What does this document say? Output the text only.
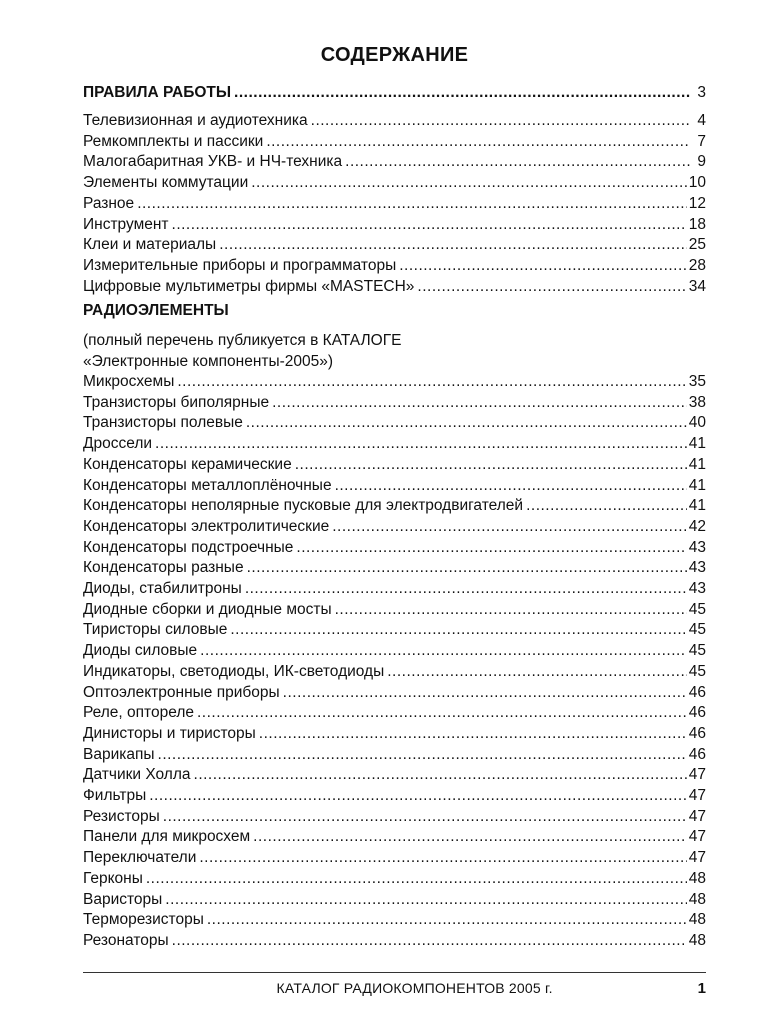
СОДЕРЖАНИЕ
ПРАВИЛА РАБОТЫ .....	3
Телевизионная и аудиотехника .....	4
Ремкомплекты и пассики .....	7
Малогабаритная УКВ- и НЧ-техника .....	9
Элементы коммутации .....	10
Разное .....	12
Инструмент .....	18
Клеи и материалы .....	25
Измерительные приборы и программаторы .....	28
Цифровые мультиметры фирмы «MASTECH» .....	34
РАДИОЭЛЕМЕНТЫ
(полный перечень публикуется в КАТАЛОГЕ
«Электронные компоненты-2005»)
Микросхемы .....	35
Транзисторы биполярные .....	38
Транзисторы полевые .....	40
Дроссели .....	41
Конденсаторы керамические .....	41
Конденсаторы металлоплёночные .....	41
Конденсаторы неполярные пусковые для электродвигателей .....	41
Конденсаторы электролитические .....	42
Конденсаторы подстроечные .....	43
Конденсаторы разные .....	43
Диоды, стабилитроны .....	43
Диодные сборки и диодные мосты .....	45
Тиристоры силовые .....	45
Диоды силовые .....	45
Индикаторы, светодиоды, ИК-светодиоды .....	45
Оптоэлектронные приборы .....	46
Реле, оптореле .....	46
Динисторы и тиристоры .....	46
Варикапы .....	46
Датчики Холла .....	47
Фильтры .....	47
Резисторы .....	47
Панели для микросхем .....	47
Переключатели .....	47
Герконы .....	48
Варисторы .....	48
Терморезисторы .....	48
Резонаторы .....	48
КАТАЛОГ РАДИОКОМПОНЕНТОВ 2005 г.	1
